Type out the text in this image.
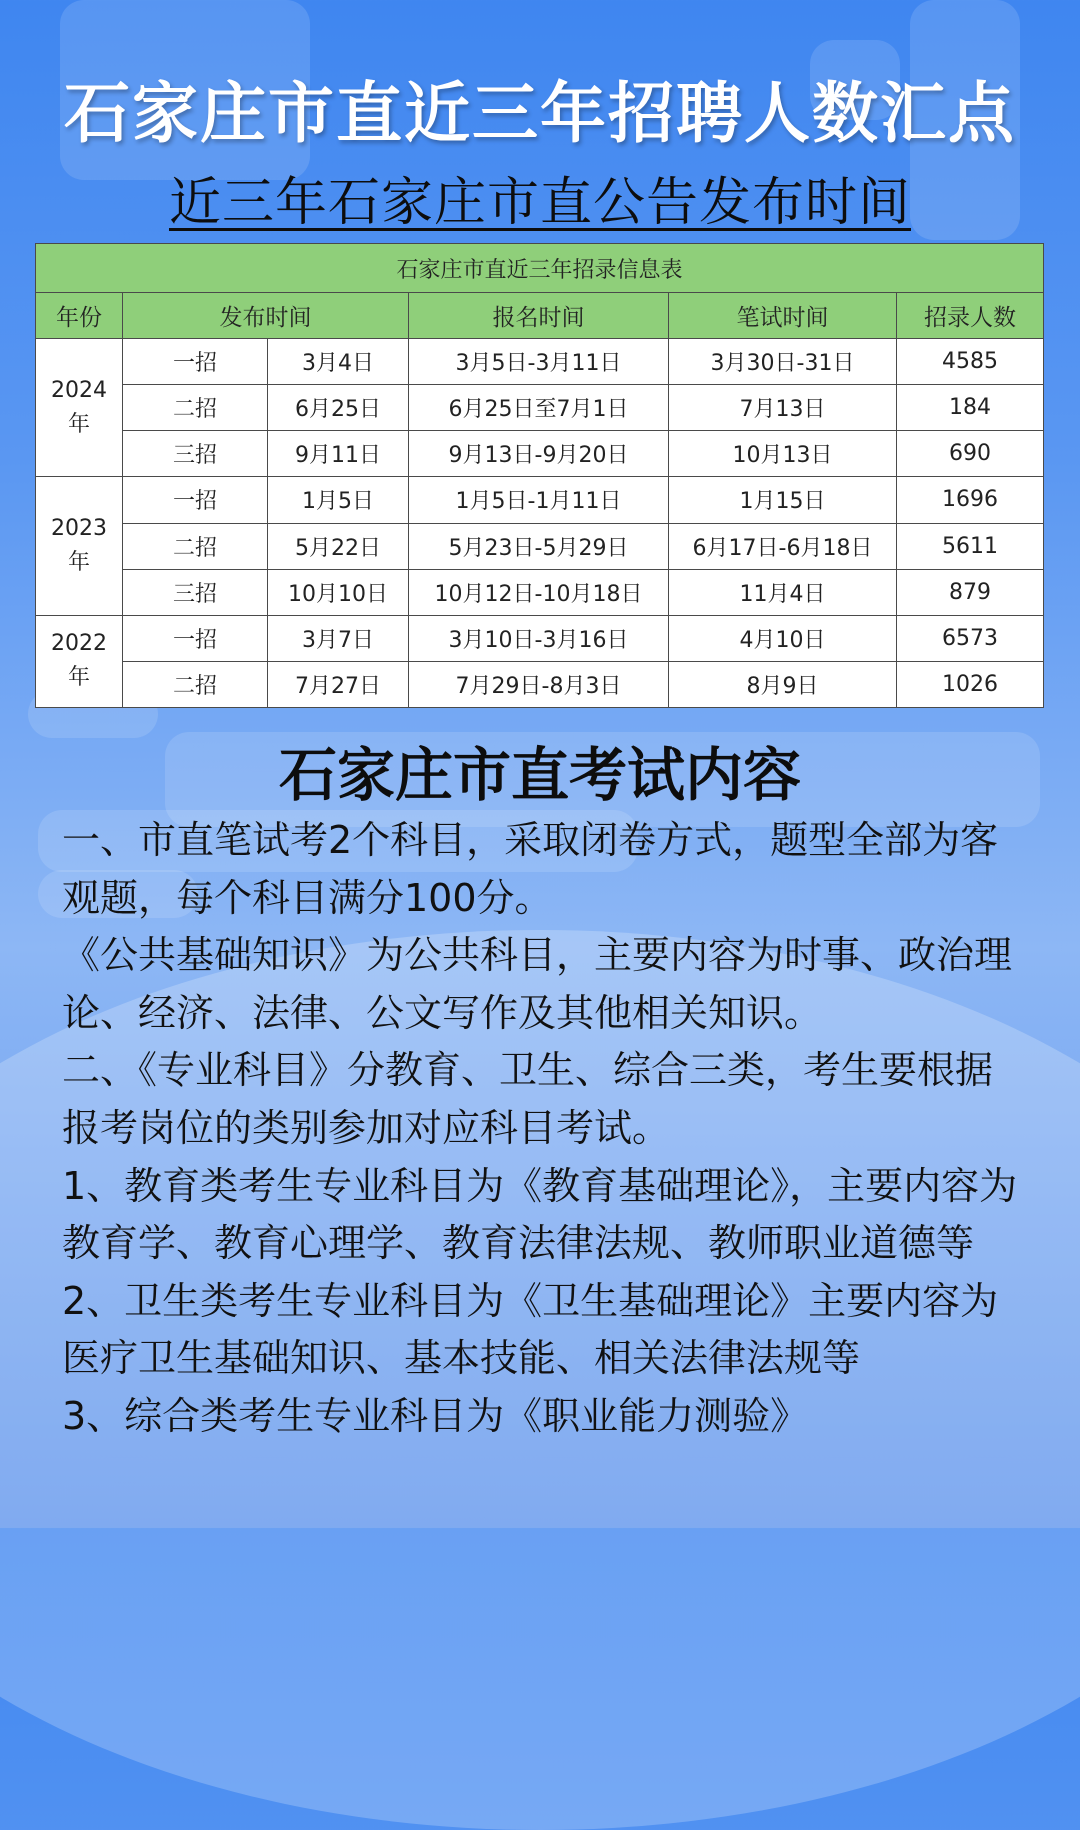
石家庄市直近三年招聘人数汇点
近三年石家庄市直公告发布时间
石家庄市直近三年招录信息表					
年份	发布时间		报名时间	笔试时间	招录人数
2024
年	一招	3月4日	3月5日-3月11日	3月30日-31日	4585
	二招	6月25日	6月25日至7月1日	7月13日	184
	三招	9月11日	9月13日-9月20日	10月13日	690
2023
年	一招	1月5日	1月5日-1月11日	1月15日	1696
	二招	5月22日	5月23日-5月29日	6月17日-6月18日	5611
	三招	10月10日	10月12日-10月18日	11月4日	879
2022
年	一招	3月7日	3月10日-3月16日	4月10日	6573
	二招	7月27日	7月29日-8月3日	8月9日	1026
石家庄市直考试内容

一、市直笔试考2个科目，采取闭卷方式，题型全部为客观题，每个科目满分100分。

《公共基础知识》为公共科目，主要内容为时事、政治理论、经济、法律、公文写作及其他相关知识。

二、《专业科目》分教育、卫生、综合三类，考生要根据报考岗位的类别参加对应科目考试。

1、教育类考生专业科目为《教育基础理论》，主要内容为教育学、教育心理学、教育法律法规、教师职业道德等

2、卫生类考生专业科目为《卫生基础理论》主要内容为医疗卫生基础知识、基本技能、相关法律法规等

3、综合类考生专业科目为《职业能力测验》
